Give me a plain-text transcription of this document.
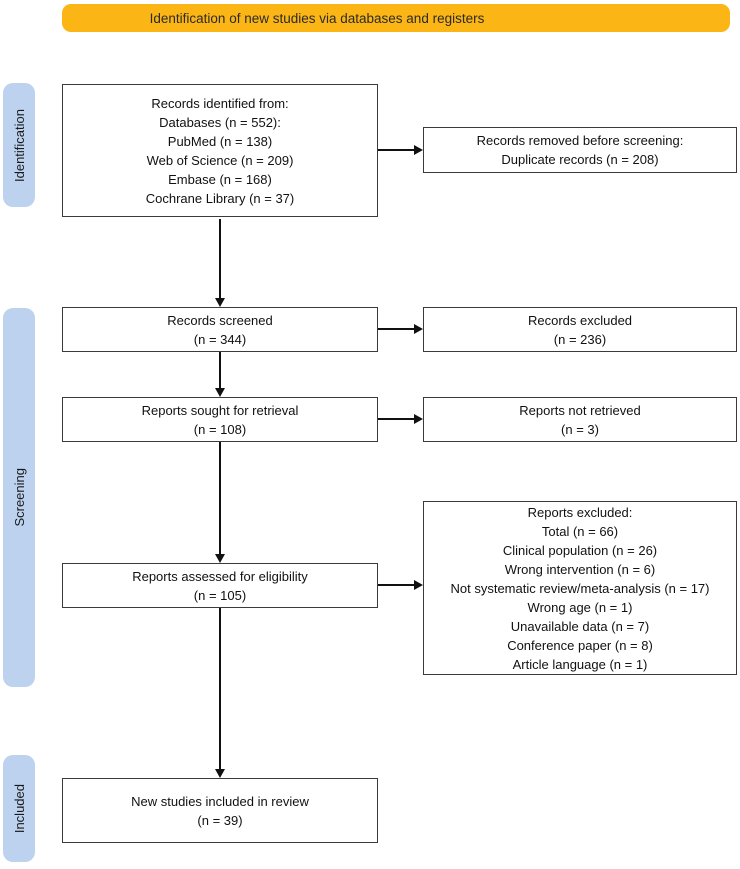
Identification of new studies via databases and registers
Identification
Screening
Included
Records identified from:
Databases (n = 552):
PubMed (n = 138)
Web of Science (n = 209)
Embase (n = 168)
Cochrane Library (n = 37)
Records screened
(n = 344)
Reports sought for retrieval
(n = 108)
Reports assessed for eligibility
(n = 105)
New studies included in review
(n = 39)
Records removed before screening:
Duplicate records (n = 208)
Records excluded
(n = 236)
Reports not retrieved
(n = 3)
Reports excluded:
Total (n = 66)
Clinical population (n = 26)
Wrong intervention (n = 6)
Not systematic review/meta-analysis (n = 17)
Wrong age (n = 1)
Unavailable data (n = 7)
Conference paper (n = 8)
Article language (n = 1)
